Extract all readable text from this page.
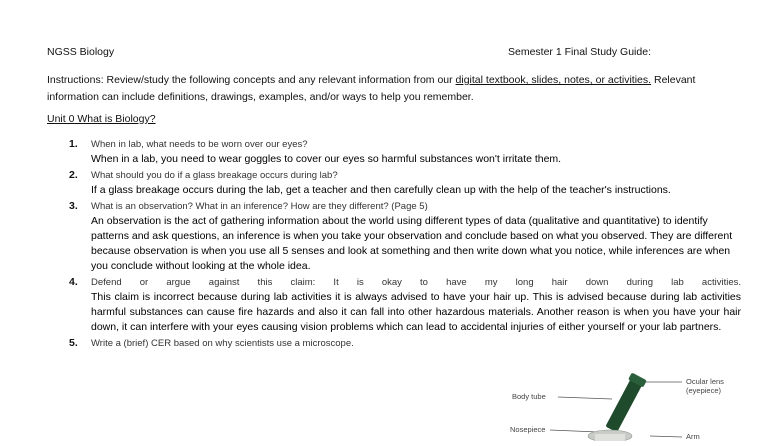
NGSS Biology	Semester 1 Final Study Guide:
Instructions: Review/study the following concepts and any relevant information from our digital textbook, slides, notes, or activities. Relevant information can include definitions, drawings, examples, and/or ways to help you remember.
Unit 0 What is Biology?
1. When in lab, what needs to be worn over our eyes?
When in a lab, you need to wear goggles to cover our eyes so harmful substances won't irritate them.
2. What should you do if a glass breakage occurs during lab?
If a glass breakage occurs during the lab, get a teacher and then carefully clean up with the help of the teacher's instructions.
3. What is an observation? What in an inference? How are they different? (Page 5)
An observation is the act of gathering information about the world using different types of data (qualitative and quantitative) to identify patterns and ask questions, an inference is when you take your observation and conclude based on what you observed. They are different because observation is when you use all 5 senses and look at something and then write down what you notice, while inferences are when you conclude without looking at the whole idea.
4. Defend or argue against this claim: It is okay to have my long hair down during lab activities.
This claim is incorrect because during lab activities it is always advised to have your hair up. This is advised because during lab activities harmful substances can cause fire hazards and also it can fall into other hazardous materials. Another reason is when you have your hair down, it can interfere with your eyes causing vision problems which can lead to accidental injuries of either yourself or your lab partners.
5. Write a (brief) CER based on why scientists use a microscope.
Ocular lens
(eyepiece)
Body tube
Nosepiece
Arm
